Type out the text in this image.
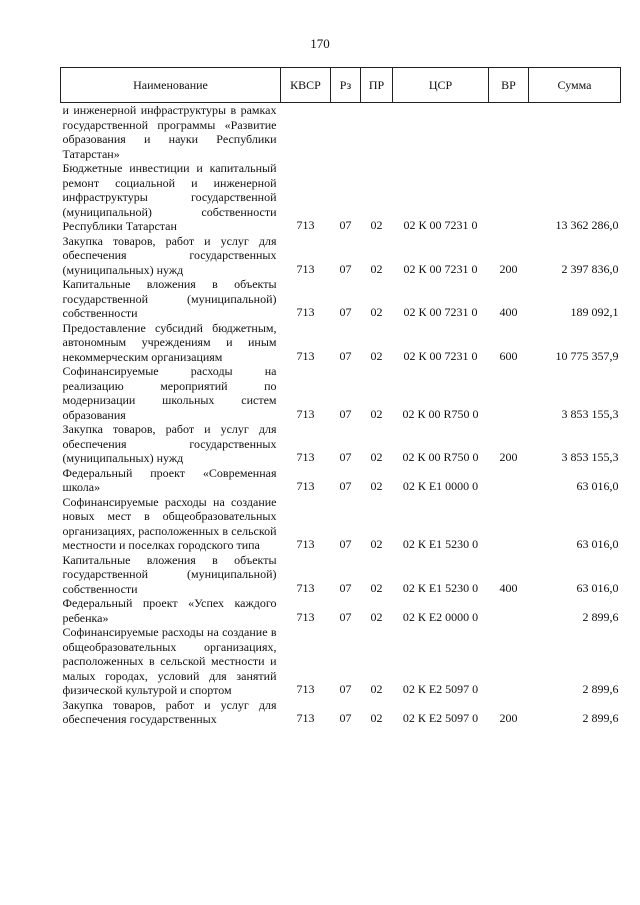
170
Наименование	КВСР	Рз	ПР	ЦСР	ВР	Сумма
и инженерной инфраструктуры в рамках государственной программы «Развитие образования и науки Республики Татарстан»						
Бюджетные инвестиции и капитальный ремонт социальной и инженерной инфраструктуры государственной (муниципальной) собственности Республики Татарстан	713	07	02	02 К 00 7231 0		13 362 286,0
Закупка товаров, работ и услуг для обеспечения государственных (муниципальных) нужд	713	07	02	02 К 00 7231 0	200	2 397 836,0
Капитальные вложения в объекты государственной (муниципальной) собственности	713	07	02	02 К 00 7231 0	400	189 092,1
Предоставление субсидий бюджетным, автономным учреждениям и иным некоммерческим организациям	713	07	02	02 К 00 7231 0	600	10 775 357,9
Софинансируемые расходы на реализацию мероприятий по модернизации школьных систем образования	713	07	02	02 К 00 R750 0		3 853 155,3
Закупка товаров, работ и услуг для обеспечения государственных (муниципальных) нужд	713	07	02	02 К 00 R750 0	200	3 853 155,3
Федеральный проект «Современная школа»	713	07	02	02 К Е1 0000 0		63 016,0
Софинансируемые расходы на создание новых мест в общеобразовательных организациях, расположенных в сельской местности и поселках городского типа	713	07	02	02 К Е1 5230 0		63 016,0
Капитальные вложения в объекты государственной (муниципальной) собственности	713	07	02	02 К Е1 5230 0	400	63 016,0
Федеральный проект «Успех каждого ребенка»	713	07	02	02 К Е2 0000 0		2 899,6
Софинансируемые расходы на создание в общеобразовательных организациях, расположенных в сельской местности и малых городах, условий для занятий физической культурой и спортом	713	07	02	02 К Е2 5097 0		2 899,6
Закупка товаров, работ и услуг для обеспечения государственных	713	07	02	02 К Е2 5097 0	200	2 899,6
